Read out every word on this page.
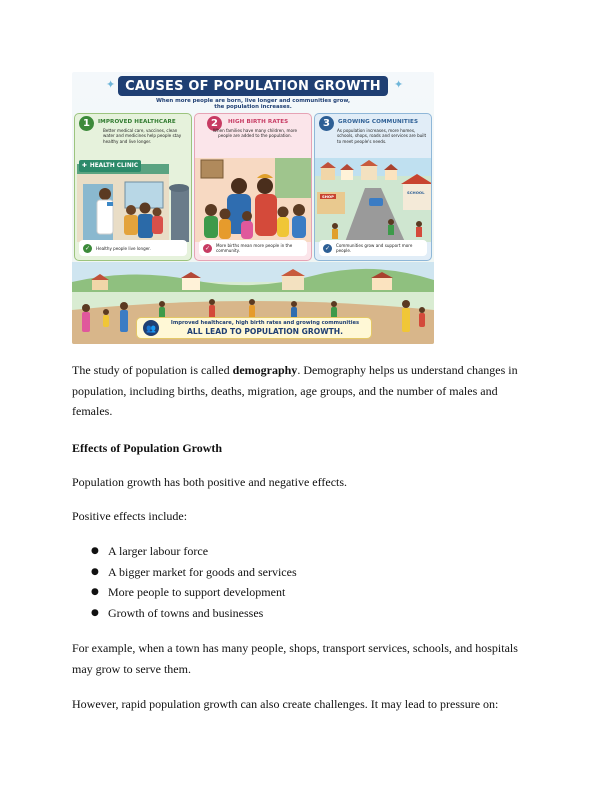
✦ CAUSES OF POPULATION GROWTH	✦
When more people are born, live longer and communities grow,
the population increases.
1	IMPROVED HEALTHCARE
Better medical care, vaccines, clean water and medicines help people stay healthy and live longer.
✚ HEALTH CLINIC
✓	Healthy people live longer.
2	HIGH BIRTH RATES
When families have many children, more people are added to the population.
✓	More births mean more people in the community.
3	GROWING COMMUNITIES
As population increases, more homes, schools, shops, roads and services are built to meet people's needs.
SHOP
SCHOOL
✓	Communities grow and support more people.
👥
Improved healthcare, high birth rates and growing communities
ALL LEAD TO POPULATION GROWTH.

The study of population is called demography. Demography helps us understand changes in population, including births, deaths, migration, age groups, and the number of males and females.

Effects of Population Growth

Population growth has both positive and negative effects.

Positive effects include:

● A larger labour force
● A bigger market for goods and services
● More people to support development
● Growth of towns and businesses

For example, when a town has many people, shops, transport services, schools, and hospitals may grow to serve them.

However, rapid population growth can also create challenges. It may lead to pressure on:
